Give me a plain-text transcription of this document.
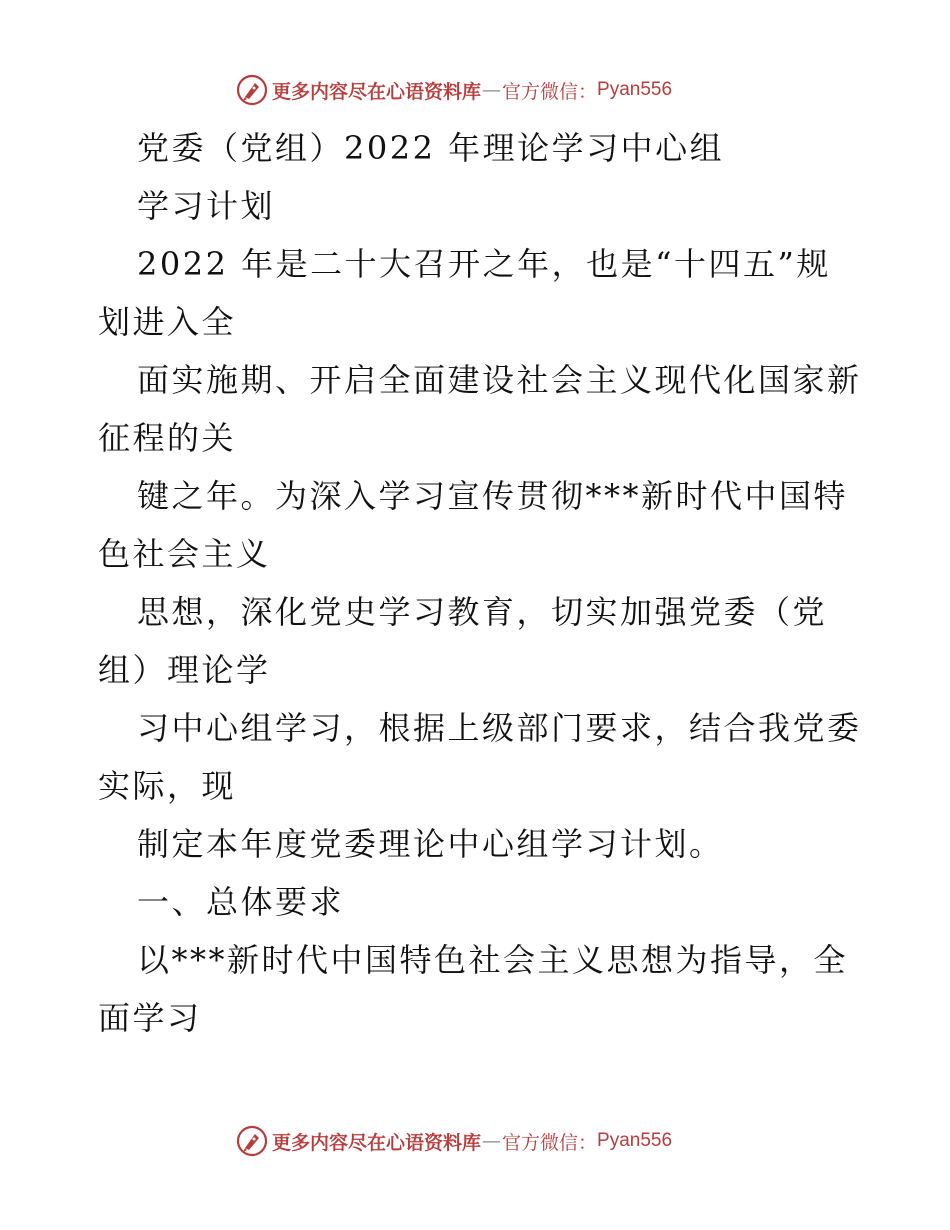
更多内容尽在心语资料库 — 官方微信： Pyan556
党委（党组）2022 年理论学习中心组
学习计划
2022 年是二十大召开之年，也是“十四五”规
划进入全
面实施期、开启全面建设社会主义现代化国家新
征程的关
键之年。为深入学习宣传贯彻***新时代中国特
色社会主义
思想，深化党史学习教育，切实加强党委（党
组）理论学
习中心组学习，根据上级部门要求，结合我党委
实际，现
制定本年度党委理论中心组学习计划。
一、总体要求
以***新时代中国特色社会主义思想为指导，全
面学习
更多内容尽在心语资料库 — 官方微信： Pyan556
